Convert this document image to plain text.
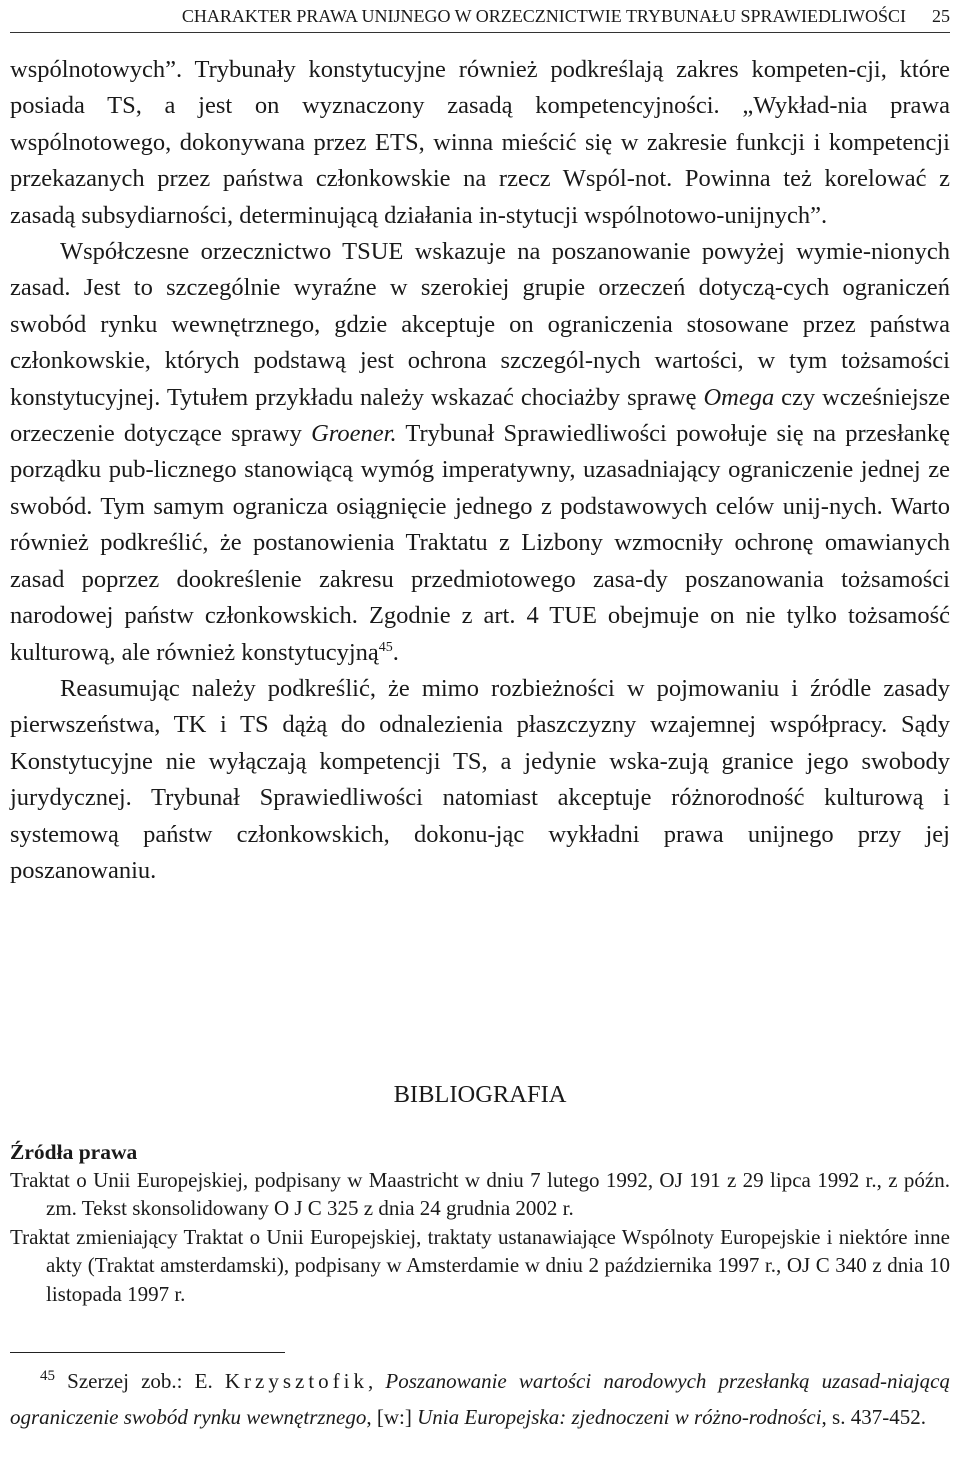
CHARAKTER PRAWA UNIJNEGO W ORZECZNICTWIE TRYBUNAŁU SPRAWIEDLIWOŚCI 25

wspólnotowych”. Trybunały konstytucyjne również podkreślają zakres kompeten-cji, które posiada TS, a jest on wyznaczony zasadą kompetencyjności. „Wykład-nia prawa wspólnotowego, dokonywana przez ETS, winna mieścić się w zakresie funkcji i kompetencji przekazanych przez państwa członkowskie na rzecz Wspól-not. Powinna też korelować z zasadą subsydiarności, determinującą działania in-stytucji wspólnotowo-unijnych”.

Współczesne orzecznictwo TSUE wskazuje na poszanowanie powyżej wymie-nionych zasad. Jest to szczególnie wyraźne w szerokiej grupie orzeczeń dotyczą-cych ograniczeń swobód rynku wewnętrznego, gdzie akceptuje on ograniczenia stosowane przez państwa członkowskie, których podstawą jest ochrona szczegól-nych wartości, w tym tożsamości konstytucyjnej. Tytułem przykładu należy wskazać chociażby sprawę Omega czy wcześniejsze orzeczenie dotyczące sprawy Groener. Trybunał Sprawiedliwości powołuje się na przesłankę porządku pub-licznego stanowiącą wymóg imperatywny, uzasadniający ograniczenie jednej ze swobód. Tym samym ogranicza osiągnięcie jednego z podstawowych celów unij-nych. Warto również podkreślić, że postanowienia Traktatu z Lizbony wzmocniły ochronę omawianych zasad poprzez dookreślenie zakresu przedmiotowego zasa-dy poszanowania tożsamości narodowej państw członkowskich. Zgodnie z art. 4 TUE obejmuje on nie tylko tożsamość kulturową, ale również konstytucyjną$^{45}$.

Reasumując należy podkreślić, że mimo rozbieżności w pojmowaniu i źródle zasady pierwszeństwa, TK i TS dążą do odnalezienia płaszczyzny wzajemnej współpracy. Sądy Konstytucyjne nie wyłączają kompetencji TS, a jedynie wska-zują granice jego swobody jurydycznej. Trybunał Sprawiedliwości natomiast akceptuje różnorodność kulturową i systemową państw członkowskich, dokonu-jąc wykładni prawa unijnego przy jej poszanowaniu.

BIBLIOGRAFIA
Źródła prawa

Traktat o Unii Europejskiej, podpisany w Maastricht w dniu 7 lutego 1992, OJ 191 z 29 lipca 1992 r., z późn. zm. Tekst skonsolidowany O J C 325 z dnia 24 grudnia 2002 r.

Traktat zmieniający Traktat o Unii Europejskiej, traktaty ustanawiające Wspólnoty Europejskie i niektóre inne akty (Traktat amsterdamski), podpisany w Amsterdamie w dniu 2 października 1997 r., OJ C 340 z dnia 10 listopada 1997 r.

$^{45}$ Szerzej zob.: E. Krzysztofik, Poszanowanie wartości narodowych przesłanką uzasad-niającą ograniczenie swobód rynku wewnętrznego, [w:] Unia Europejska: zjednoczeni w różno-rodności, s. 437-452.
